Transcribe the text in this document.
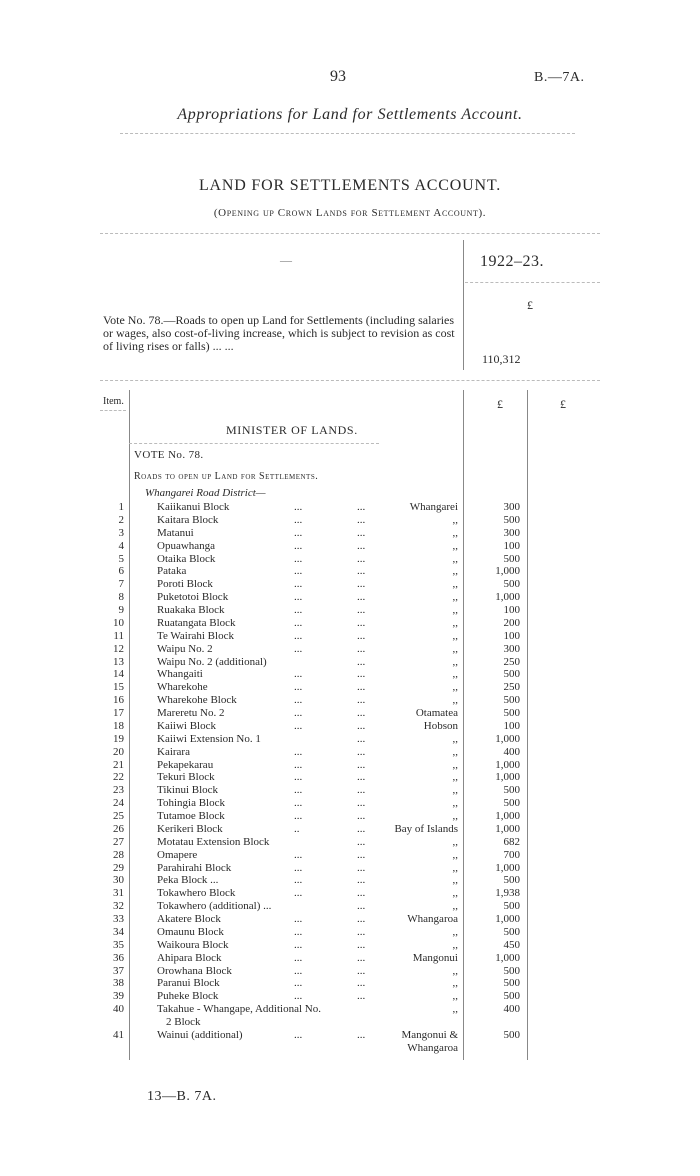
93	B.—7A.
Appropriations for Land for Settlements Account.
LAND FOR SETTLEMENTS ACCOUNT.
(Opening up Crown Lands for Settlement Account).
—	1922–23.
£
Vote No. 78.—Roads to open up Land for Settlements (including salaries or wages, also cost-of-living increase, which is subject to revision as cost of living rises or falls) ... ...
110,312
Item.	£	£
MINISTER OF LANDS.
VOTE No. 78.
Roads to open up Land for Settlements.
Whangarei Road District—
1	Kaiikanui Block	...	...	Whangarei	300
2	Kaitara Block	...	...	,,	500
3	Matanui	...	...	,,	300
4	Opuawhanga	...	...	,,	100
5	Otaika Block	...	...	,,	500
6	Pataka	...	...	,,	1,000
7	Poroti Block	...	...	,,	500
8	Puketotoi Block	...	...	,,	1,000
9	Ruakaka Block	...	...	,,	100
10	Ruatangata Block	...	...	,,	200
11	Te Wairahi Block	...	...	,,	100
12	Waipu No. 2	...	...	,,	300
13	Waipu No. 2 (additional)	...	,,	250
14	Whangaiti	...	...	,,	500
15	Wharekohe	...	...	,,	250
16	Wharekohe Block	...	...	,,	500
17	Mareretu No. 2	...	...	Otamatea	500
18	Kaiiwi Block	...	...	Hobson	100
19	Kaiiwi Extension No. 1	...	,,	1,000
20	Kairara	...	...	,,	400
21	Pekapekarau	...	...	,,	1,000
22	Tekuri Block	...	...	,,	1,000
23	Tikinui Block	...	...	,,	500
24	Tohingia Block	...	...	,,	500
25	Tutamoe Block	...	...	,,	1,000
26	Kerikeri Block	..	...	Bay of Islands	1,000
27	Motatau Extension Block	...	,,	682
28	Omapere	...	...	,,	700
29	Parahirahi Block	...	...	,,	1,000
30	Peka Block ...	...	...	,,	500
31	Tokawhero Block	...	...	,,	1,938
32	Tokawhero (additional) ...	...	,,	500
33	Akatere Block	...	...	Whangaroa	1,000
34	Omaunu Block	...	...	,,	500
35	Waikoura Block	...	...	,,	450
36	Ahipara Block	...	...	Mangonui	1,000
37	Orowhana Block	...	...	,,	500
38	Paranui Block	...	...	,,	500
39	Puheke Block	...	...	,,	500
40	Takahue - Whangape, Additional No.	,,	400
2 Block
41	Wainui (additional)	...	...	Mangonui &	500
Whangaroa
13—B. 7A.
